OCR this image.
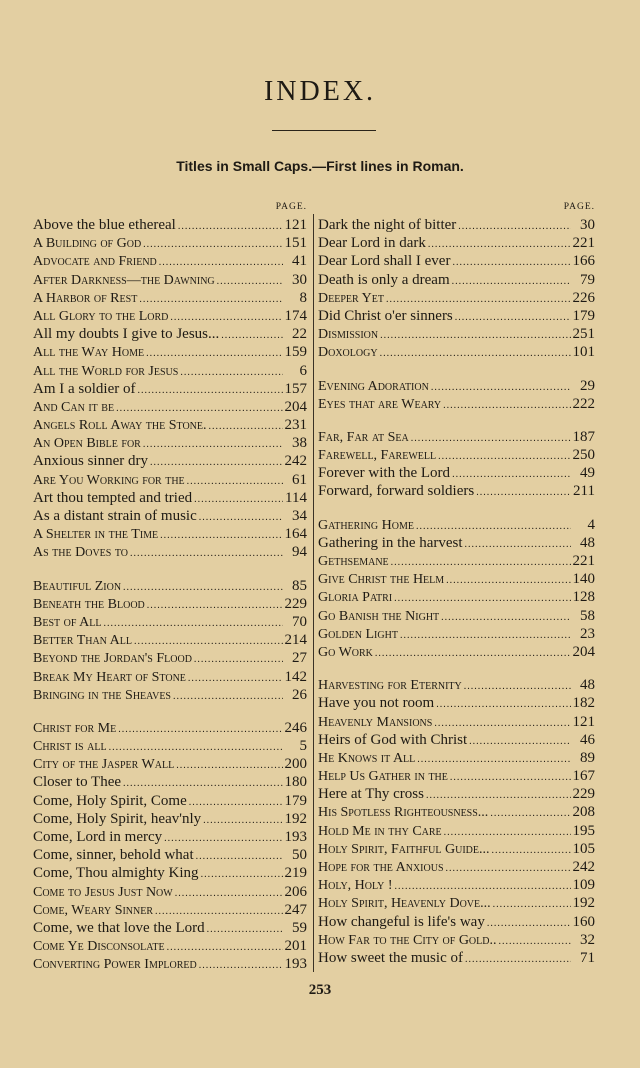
INDEX.
Titles in Small Caps.—First lines in Roman.
PAGE.
Above the blue ethereal .....	121
A Building of God .....	151
Advocate and Friend .....	41
After Darkness—the Dawning .....	30
A Harbor of Rest .....	8
All Glory to the Lord .....	174
All my doubts I give to Jesus... .....	22
All the Way Home .....	159
All the World for Jesus .....	6
Am I a soldier of .....	157
And Can it be .....	204
Angels Roll Away the Stone. .....	231
An Open Bible for .....	38
Anxious sinner dry .....	242
Are You Working for the .....	61
Art thou tempted and tried .....	114
As a distant strain of music .....	34
A Shelter in the Time .....	164
As the Doves to .....	94
Beautiful Zion .....	85
Beneath the Blood .....	229
Best of All .....	70
Better Than All .....	214
Beyond the Jordan's Flood .....	27
Break My Heart of Stone .....	142
Bringing in the Sheaves .....	26
Christ for Me .....	246
Christ is all .....	5
City of the Jasper Wall .....	200
Closer to Thee .....	180
Come, Holy Spirit, Come .....	179
Come, Holy Spirit, heav'nly .....	192
Come, Lord in mercy .....	193
Come, sinner, behold what .....	50
Come, Thou almighty King .....	219
Come to Jesus Just Now .....	206
Come, Weary Sinner .....	247
Come, we that love the Lord .....	59
Come Ye Disconsolate .....	201
Converting Power Implored .....	193
PAGE.
Dark the night of bitter .....	30
Dear Lord in dark .....	221
Dear Lord shall I ever .....	166
Death is only a dream .....	79
Deeper Yet .....	226
Did Christ o'er sinners .....	179
Dismission .....	251
Doxology .....	101
Evening Adoration .....	29
Eyes that are Weary .....	222
Far, Far at Sea .....	187
Farewell, Farewell .....	250
Forever with the Lord .....	49
Forward, forward soldiers .....	211
Gathering Home .....	4
Gathering in the harvest .....	48
Gethsemane .....	221
Give Christ the Helm .....	140
Gloria Patri .....	128
Go Banish the Night .....	58
Golden Light .....	23
Go Work .....	204
Harvesting for Eternity .....	48
Have you not room .....	182
Heavenly Mansions .....	121
Heirs of God with Christ .....	46
He Knows it All .....	89
Help Us Gather in the .....	167
Here at Thy cross .....	229
His Spotless Righteousness... .....	208
Hold Me in thy Care .....	195
Holy Spirit, Faithful Guide... .....	105
Hope for the Anxious .....	242
Holy, Holy ! .....	109
Holy Spirit, Heavenly Dove... .....	192
How changeful is life's way .....	160
How Far to the City of Gold.. .....	32
How sweet the music of .....	71
253
